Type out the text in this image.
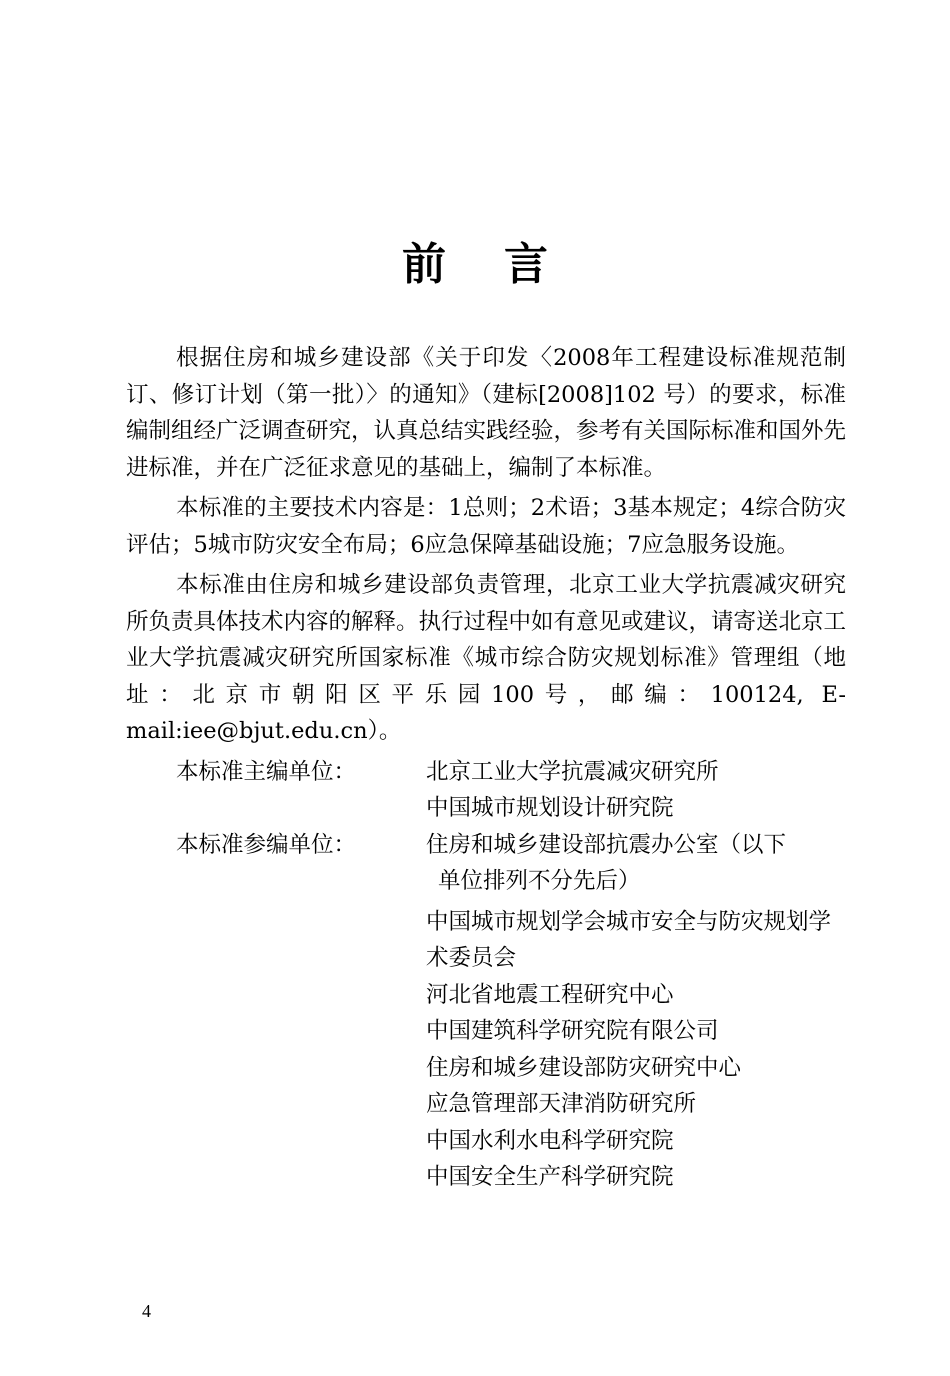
前 言

根据住房和城乡建设部《关于印发〈2008年工程建设标准规范制订、修订计划（第一批）〉的通知》（建标[2008]102 号）的要求，标准编制组经广泛调查研究，认真总结实践经验，参考有关国际标准和国外先进标准，并在广泛征求意见的基础上，编制了本标准。

本标准的主要技术内容是：1总则；2术语；3基本规定；4综合防灾评估；5城市防灾安全布局；6应急保障基础设施；7应急服务设施。

本标准由住房和城乡建设部负责管理，北京工业大学抗震减灾研究所负责具体技术内容的解释。执行过程中如有意见或建议，请寄送北京工业大学抗震减灾研究所国家标准《城市综合防灾规划标准》管理组（地址：北京市朝阳区平乐园100号，邮编：100124, E-mail:iee@bjut.edu.cn）。

本标准主编单位：	北京工业大学抗震减灾研究所

中国城市规划设计研究院

本标准参编单位：	住房和城乡建设部抗震办公室（以下

单位排列不分先后）

中国城市规划学会城市安全与防灾规划学术委员会

河北省地震工程研究中心

中国建筑科学研究院有限公司

住房和城乡建设部防灾研究中心

应急管理部天津消防研究所

中国水利水电科学研究院

中国安全生产科学研究院

4
